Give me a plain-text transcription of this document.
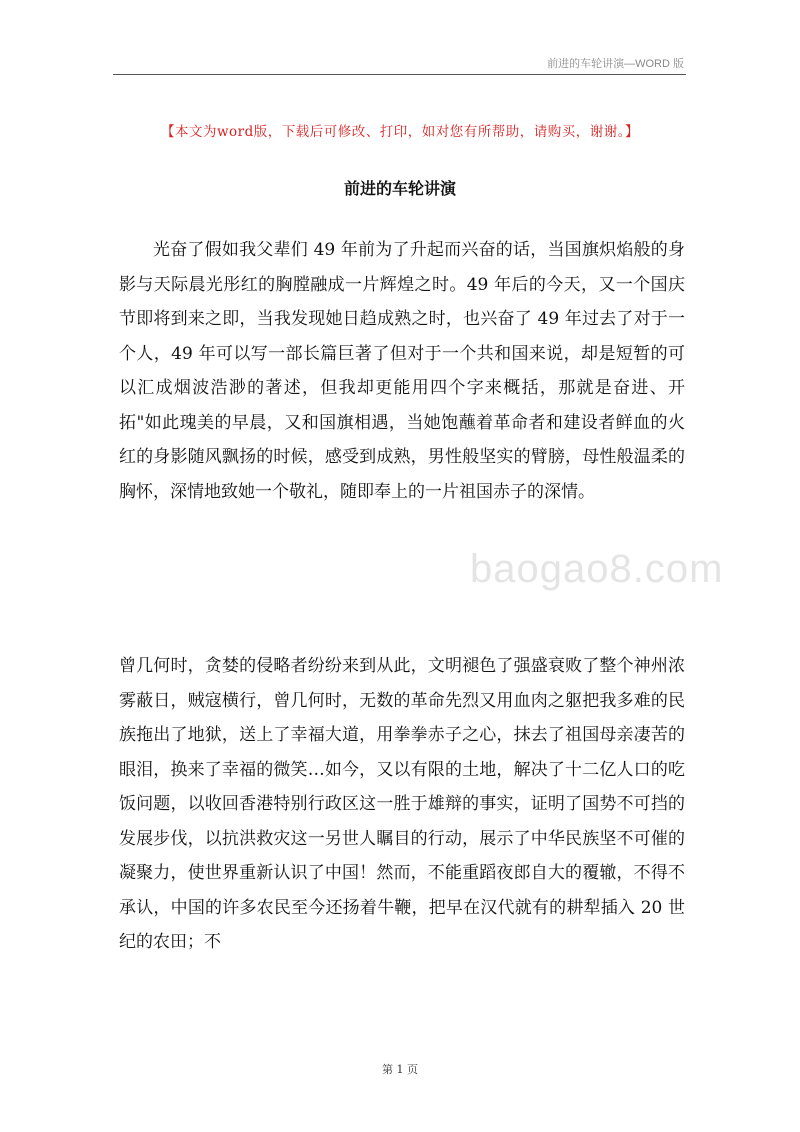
前进的车轮讲演—WORD 版
【本文为word版，下载后可修改、打印，如对您有所帮助，请购买，谢谢。】
前进的车轮讲演

光奋了假如我父辈们 49 年前为了升起而兴奋的话，当国旗炽焰般的身影与天际晨光彤红的胸膛融成一片辉煌之时。49 年后的今天，又一个国庆节即将到来之即，当我发现她日趋成熟之时，也兴奋了 49 年过去了对于一个人，49 年可以写一部长篇巨著了但对于一个共和国来说，却是短暂的可以汇成烟波浩渺的著述，但我却更能用四个字来概括，那就是奋进、开拓"如此瑰美的早晨，又和国旗相遇，当她饱蘸着革命者和建设者鲜血的火红的身影随风飘扬的时候，感受到成熟，男性般坚实的臂膀，母性般温柔的胸怀，深情地致她一个敬礼，随即奉上的一片祖国赤子的深情。

baogao8.com

曾几何时，贪婪的侵略者纷纷来到从此，文明褪色了强盛衰败了整个神州浓雾蔽日，贼寇横行，曾几何时，无数的革命先烈又用血肉之躯把我多难的民族拖出了地狱，送上了幸福大道，用拳拳赤子之心，抹去了祖国母亲凄苦的眼泪，换来了幸福的微笑…如今，又以有限的土地，解决了十二亿人口的吃饭问题，以收回香港特别行政区这一胜于雄辩的事实，证明了国势不可挡的发展步伐，以抗洪救灾这一另世人瞩目的行动，展示了中华民族坚不可催的凝聚力，使世界重新认识了中国！然而，不能重蹈夜郎自大的覆辙，不得不承认，中国的许多农民至今还扬着牛鞭，把早在汉代就有的耕犁插入 20 世纪的农田；不

第 1 页
